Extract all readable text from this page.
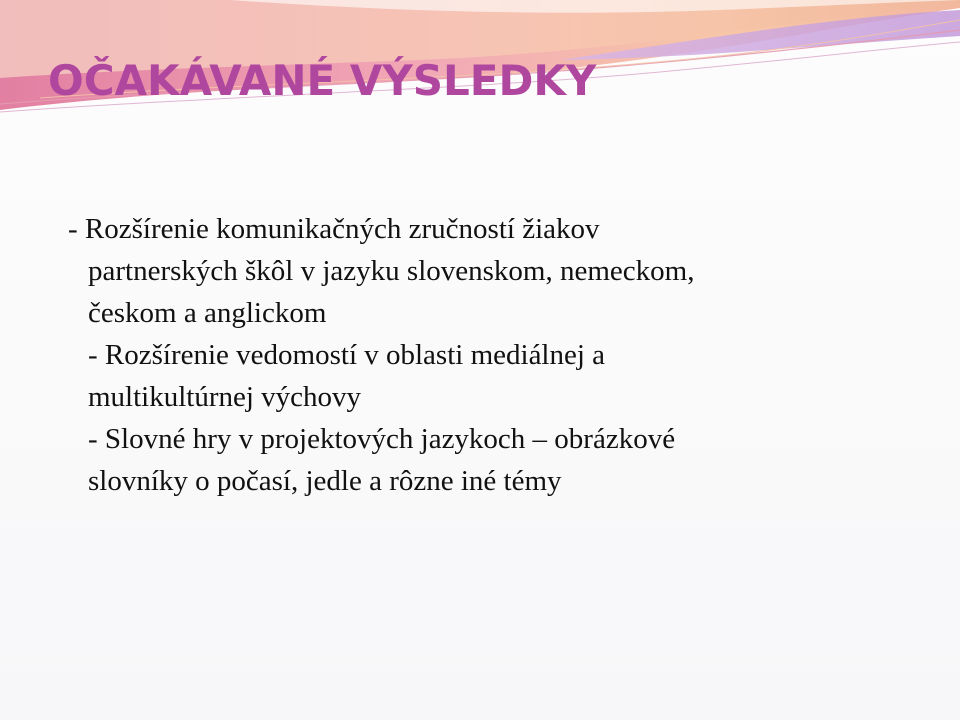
OČAKÁVANÉ VÝSLEDKY
- Rozšírenie komunikačných zručností žiakov
partnerských škôl v jazyku slovenskom, nemeckom,
českom a anglickom
- Rozšírenie vedomostí v oblasti mediálnej a
multikultúrnej výchovy
- Slovné hry v projektových jazykoch – obrázkové
slovníky o počasí, jedle a rôzne iné témy
